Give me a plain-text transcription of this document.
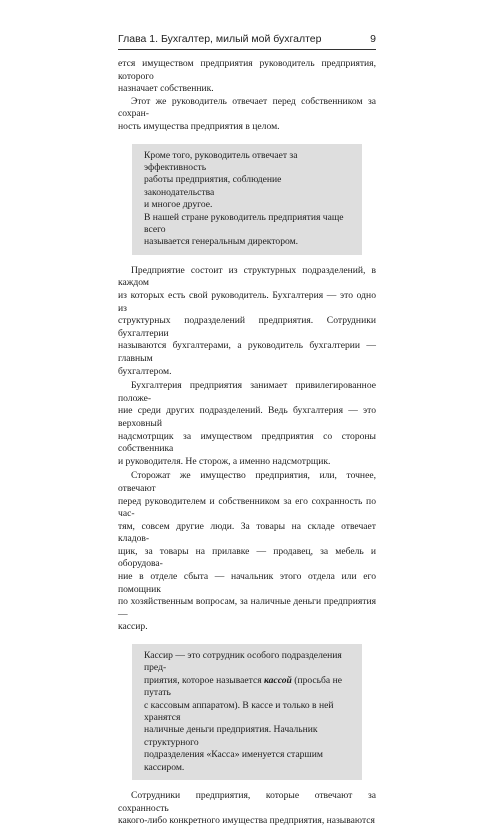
Глава 1. Бухгалтер, милый мой бухгалтер	9

ется имуществом предприятия руководитель предприятия, которого
назначает собственник.

Этот же руководитель отвечает перед собственником за сохран-
ность имущества предприятия в целом.

Кроме того, руководитель отвечает за эффективность
работы предприятия, соблюдение законодательства
и многое другое.
В нашей стране руководитель предприятия чаще всего
называется генеральным директором.

Предприятие состоит из структурных подразделений, в каждом
из которых есть свой руководитель. Бухгалтерия — это одно из
структурных подразделений предприятия. Сотрудники бухгалтерии
называются бухгалтерами, а руководитель бухгалтерии — главным
бухгалтером.

Бухгалтерия предприятия занимает привилегированное положе-
ние среди других подразделений. Ведь бухгалтерия — это верховный
надсмотрщик за имуществом предприятия со стороны собственника
и руководителя. Не сторож, а именно надсмотрщик.

Сторожат же имущество предприятия, или, точнее, отвечают
перед руководителем и собственником за его сохранность по час-
тям, совсем другие люди. За товары на складе отвечает кладов-
щик, за товары на прилавке — продавец, за мебель и оборудова-
ние в отделе сбыта — начальник этого отдела или его помощник
по хозяйственным вопросам, за наличные деньги предприятия —
кассир.

Кассир — это сотрудник особого подразделения пред-
приятия, которое называется кассой (просьба не путать
с кассовым аппаратом). В кассе и только в ней хранятся
наличные деньги предприятия. Начальник структурного
подразделения «Касса» именуется старшим кассиром.

Сотрудники предприятия, которые отвечают за сохранность
какого-либо конкретного имущества предприятия, называются
